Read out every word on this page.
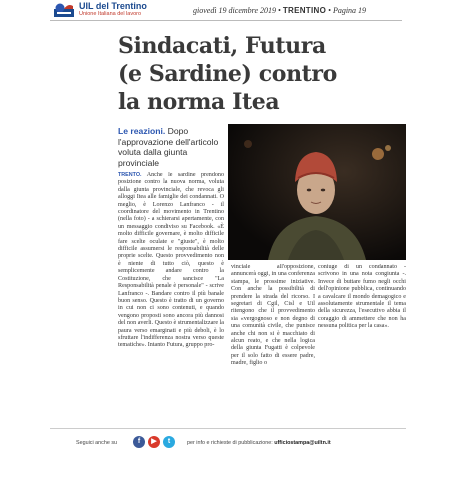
UIL del Trentino
Unione Italiana del lavoro	giovedì 19 dicembre 2019 • TRENTINO • Pagina 19
Sindacati, Futura
(e Sardine) contro
la norma Itea
Le reazioni. Dopo l'approvazione dell'articolo voluta dalla giunta provinciale
TRENTO. Anche le sardine prendono posizione contro la nuova norma, voluta dalla giunta provinciale, che revoca gli alloggi Itea alle famiglie dei condannati. O meglio, è Lorenzo Lanfranco - il coordinatore del movimento in Trentino (nella foto) - a schierarsi apertamente, con un messaggio condiviso su Facebook. «È molto difficile governare, è molto difficile fare scelte oculate e "giuste", è molto difficile assumersi le responsabilità delle proprie scelte. Questo provvedimento non è niente di tutto ciò, questo è semplicemente andare contro la Costituzione, che sancisce "La Responsabilità penale è personale" - scrive Lanfranco -. Bandare contro il più banale buon senso. Questo è tratto di un governo in cui non ci sono contenuti, e quando vengono proposti sono ancora più dannosi del non averli. Questo è strumentalizzare la paura verso emarginati e più deboli, è lo sfruttare l'indifferenza nostra verso queste tematiche». Intanto Futura, gruppo pro-
vinciale all'opposizione, annuncerà oggi, in una conferenza stampa, le prossime iniziative. Con anche la possibilità di prendere la strada del ricorso. I segretari di Cgil, Cisl e Uil ritengono che il provvedimento sia «vergognoso e non degno di una comunità civile, che punisce anche chi non si è macchiato di alcun reato, e che nella logica della giunta Fugatti è colpevole per il solo fatto di essere padre, madre, figlio o
coniuge di un condannato - scrivono in una nota congiunta -. Invece di buttare fumo negli occhi dell'opinione pubblica, continuando a cavalcare il mondo demagogico e assolutamente strumentale il tema della sicurezza, l'esecutivo abbia il coraggio di ammettere che non ha nessuna politica per la casa».
Seguici anche su	f	▶	t	per info e richieste di pubblicazione: ufficiostampa@uiltn.it
